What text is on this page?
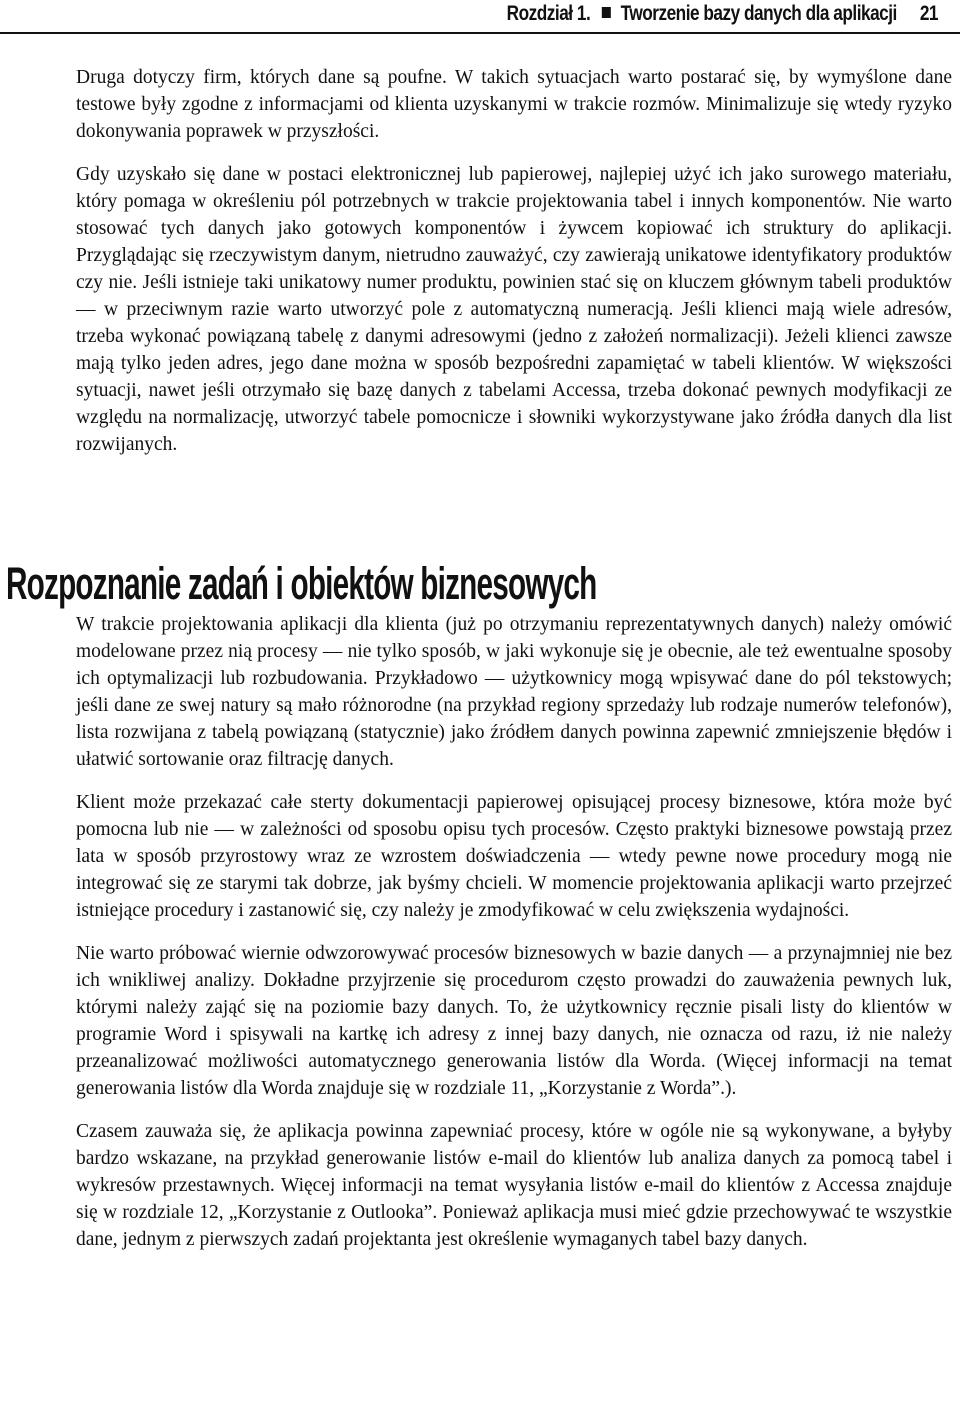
Rozdział 1. Tworzenie bazy danych dla aplikacji 21

Druga dotyczy firm, których dane są poufne. W takich sytuacjach warto postarać się, by wymyślone dane testowe były zgodne z informacjami od klienta uzyskanymi w trakcie rozmów. Minimalizuje się wtedy ryzyko dokonywania poprawek w przyszłości.

Gdy uzyskało się dane w postaci elektronicznej lub papierowej, najlepiej użyć ich jako surowego materiału, który pomaga w określeniu pól potrzebnych w trakcie projektowania tabel i innych komponentów. Nie warto stosować tych danych jako gotowych komponentów i żywcem kopiować ich struktury do aplikacji. Przyglądając się rzeczywistym danym, nietrudno zauważyć, czy zawierają unikatowe identyfikatory produktów czy nie. Jeśli istnieje taki unikatowy numer produktu, powinien stać się on kluczem głównym tabeli produktów — w przeciwnym razie warto utworzyć pole z automatyczną numeracją. Jeśli klienci mają wiele adresów, trzeba wykonać powiązaną tabelę z danymi adresowymi (jedno z założeń normalizacji). Jeżeli klienci zawsze mają tylko jeden adres, jego dane można w sposób bezpośredni zapamiętać w tabeli klientów. W większości sytuacji, nawet jeśli otrzymało się bazę danych z tabelami Accessa, trzeba dokonać pewnych modyfikacji ze względu na normalizację, utworzyć tabele pomocnicze i słowniki wykorzystywane jako źródła danych dla list rozwijanych.

Rozpoznanie zadań i obiektów biznesowych

W trakcie projektowania aplikacji dla klienta (już po otrzymaniu reprezentatywnych danych) należy omówić modelowane przez nią procesy — nie tylko sposób, w jaki wykonuje się je obecnie, ale też ewentualne sposoby ich optymalizacji lub rozbudowania. Przykładowo — użytkownicy mogą wpisywać dane do pól tekstowych; jeśli dane ze swej natury są mało różnorodne (na przykład regiony sprzedaży lub rodzaje numerów telefonów), lista rozwijana z tabelą powiązaną (statycznie) jako źródłem danych powinna zapewnić zmniejszenie błędów i ułatwić sortowanie oraz filtrację danych.

Klient może przekazać całe sterty dokumentacji papierowej opisującej procesy biznesowe, która może być pomocna lub nie — w zależności od sposobu opisu tych procesów. Często praktyki biznesowe powstają przez lata w sposób przyrostowy wraz ze wzrostem doświadczenia — wtedy pewne nowe procedury mogą nie integrować się ze starymi tak dobrze, jak byśmy chcieli. W momencie projektowania aplikacji warto przejrzeć istniejące procedury i zastanowić się, czy należy je zmodyfikować w celu zwiększenia wydajności.

Nie warto próbować wiernie odwzorowywać procesów biznesowych w bazie danych — a przynajmniej nie bez ich wnikliwej analizy. Dokładne przyjrzenie się procedurom często prowadzi do zauważenia pewnych luk, którymi należy zająć się na poziomie bazy danych. To, że użytkownicy ręcznie pisali listy do klientów w programie Word i spisywali na kartkę ich adresy z innej bazy danych, nie oznacza od razu, iż nie należy przeanalizować możliwości automatycznego generowania listów dla Worda. (Więcej informacji na temat generowania listów dla Worda znajduje się w rozdziale 11, „Korzystanie z Worda”.).

Czasem zauważa się, że aplikacja powinna zapewniać procesy, które w ogóle nie są wykonywane, a byłyby bardzo wskazane, na przykład generowanie listów e-mail do klientów lub analiza danych za pomocą tabel i wykresów przestawnych. Więcej informacji na temat wysyłania listów e-mail do klientów z Accessa znajduje się w rozdziale 12, „Korzystanie z Outlooka”. Ponieważ aplikacja musi mieć gdzie przechowywać te wszystkie dane, jednym z pierwszych zadań projektanta jest określenie wymaganych tabel bazy danych.
